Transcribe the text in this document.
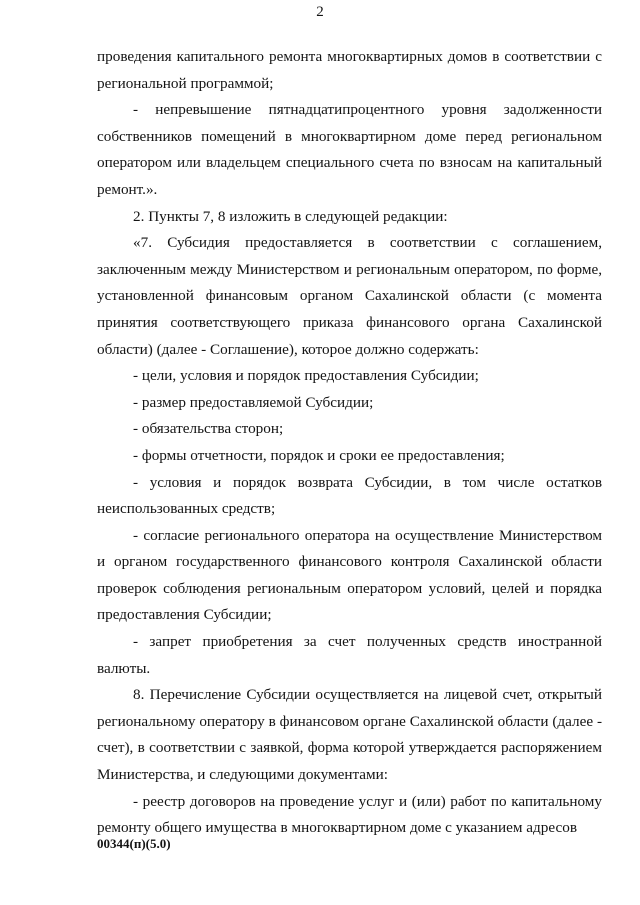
2

проведения капитального ремонта многоквартирных домов в соответствии с региональной программой;

- непревышение пятнадцатипроцентного уровня задолженности собственников помещений в многоквартирном доме перед региональном оператором или владельцем специального счета по взносам на капитальный ремонт.».

2. Пункты 7, 8 изложить в следующей редакции:

«7. Субсидия предоставляется в соответствии с соглашением, заключенным между Министерством и региональным оператором, по форме, установленной финансовым органом Сахалинской области (с момента принятия соответствующего приказа финансового органа Сахалинской области) (далее - Соглашение), которое должно содержать:

- цели, условия и порядок предоставления Субсидии;

- размер предоставляемой Субсидии;

- обязательства сторон;

- формы отчетности, порядок и сроки ее предоставления;

- условия и порядок возврата Субсидии, в том числе остатков неиспользованных средств;

- согласие регионального оператора на осуществление Министерством и органом государственного финансового контроля Сахалинской области проверок соблюдения региональным оператором условий, целей и порядка предоставления Субсидии;

- запрет приобретения за счет полученных средств иностранной валюты.

8. Перечисление Субсидии осуществляется на лицевой счет, открытый региональному оператору в финансовом органе Сахалинской области (далее - счет), в соответствии с заявкой, форма которой утверждается распоряжением Министерства, и следующими документами:

- реестр договоров на проведение услуг и (или) работ по капитальному ремонту общего имущества в многоквартирном доме с указанием адресов

00344(п)(5.0)
